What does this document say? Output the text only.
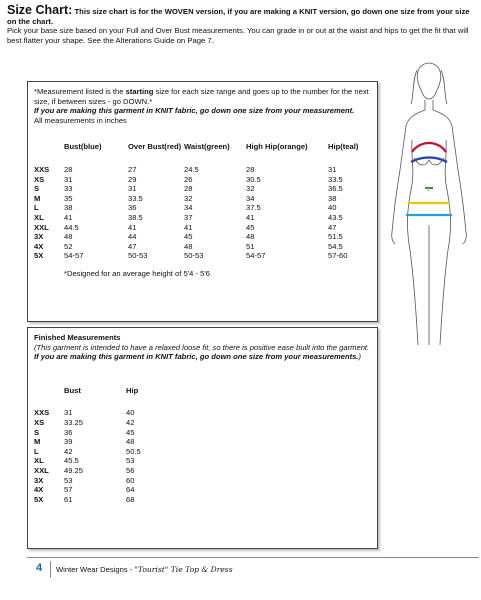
Size Chart: This size chart is for the WOVEN version, if you are making a KNIT version, go down one size from your size on the chart.
Pick your base size based on your Full and Over Bust measurements. You can grade in or out at the waist and hips to get the fit that will best flatter your shape. See the Alterations Guide on Page 7.
*Measurement listed is the starting size for each size range and goes up to the number for the next size, if between sizes - go DOWN.*
If you are making this garment in KNIT fabric, go down one size from your measurement.
All measurements in inches
	Bust(blue)	Over Bust(red)	Waist(green)	High Hip(orange)	Hip(teal)
XXS	28	27	24.5	28	31
XS	31	29	26	30.5	33.5
S	33	31	28	32	36.5
M	35	33.5	32	34	38
L	38	36	34	37.5	40
XL	41	38.5	37	41	43.5
XXL	44.5	41	41	45	47
3X	48	44	45	48	51.5
4X	52	47	48	51	54.5
5X	54-57	50-53	50-53	54-57	57-60
*Designed for an average height of 5'4 - 5'6
Finished Measurements
(This garment is intended to have a relaxed loose fit, so there is positive ease built into the garment. If you are making this garment in KNIT fabric, go down one size from your measurements.)
	Bust	Hip
XXS	31	40
XS	33.25	42
S	36	45
M	39	48
L	42	50.5
XL	45.5	53
XXL	49.25	56
3X	53	60
4X	57	64
5X	61	68
4 Winter Wear Designs - "Tourist" Tie Top & Dress
